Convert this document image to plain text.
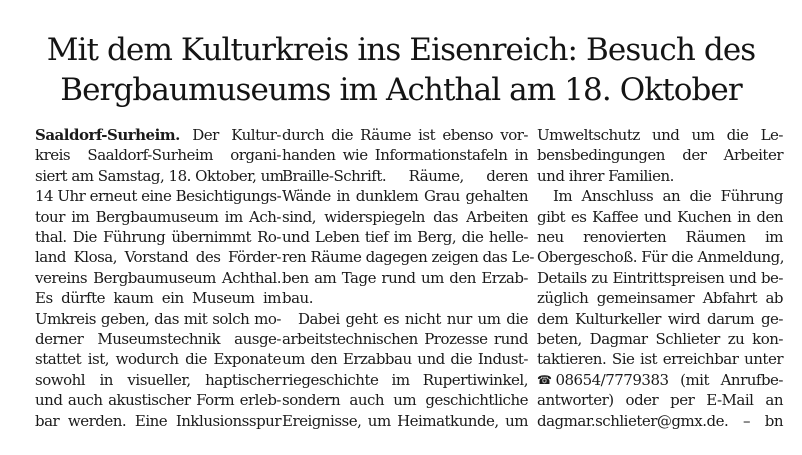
Mit dem Kulturkreis ins Eisenreich: Besuch des
Bergbaumuseums im Achthal am 18. Oktober
Saaldorf-Surheim. Der Kultur-
kreis Saaldorf-Surheim organi-
siert am Samstag, 18. Oktober, um
14 Uhr erneut eine Besichtigungs-
tour im Bergbaumuseum im Ach-
thal. Die Führung übernimmt Ro-
land Klosa, Vorstand des Förder-
vereins Bergbaumuseum Achthal.
Es dürfte kaum ein Museum im
Umkreis geben, das mit solch mo-
derner Museumstechnik ausge-
stattet ist, wodurch die Exponate
sowohl in visueller, haptischer
und auch akustischer Form erleb-
bar werden. Eine Inklusionsspur
durch die Räume ist ebenso vor-
handen wie Informationstafeln in
Braille-Schrift. Räume, deren
Wände in dunklem Grau gehalten
sind, widerspiegeln das Arbeiten
und Leben tief im Berg, die helle-
ren Räume dagegen zeigen das Le-
ben am Tage rund um den Erzab-
bau.
Dabei geht es nicht nur um die
arbeitstechnischen Prozesse rund
um den Erzabbau und die Indust-
riegeschichte im Rupertiwinkel,
sondern auch um geschichtliche
Ereignisse, um Heimatkunde, um
Umweltschutz und um die Le-
bensbedingungen der Arbeiter
und ihrer Familien.
Im Anschluss an die Führung
gibt es Kaffee und Kuchen in den
neu renovierten Räumen im
Obergeschoß. Für die Anmeldung,
Details zu Eintrittspreisen und be-
züglich gemeinsamer Abfahrt ab
dem Kulturkeller wird darum ge-
beten, Dagmar Schlieter zu kon-
taktieren. Sie ist erreichbar unter
☎ 08654/7779383 (mit Anrufbe-
antworter) oder per E-Mail an
dagmar.schlieter@gmx.de. – bn
